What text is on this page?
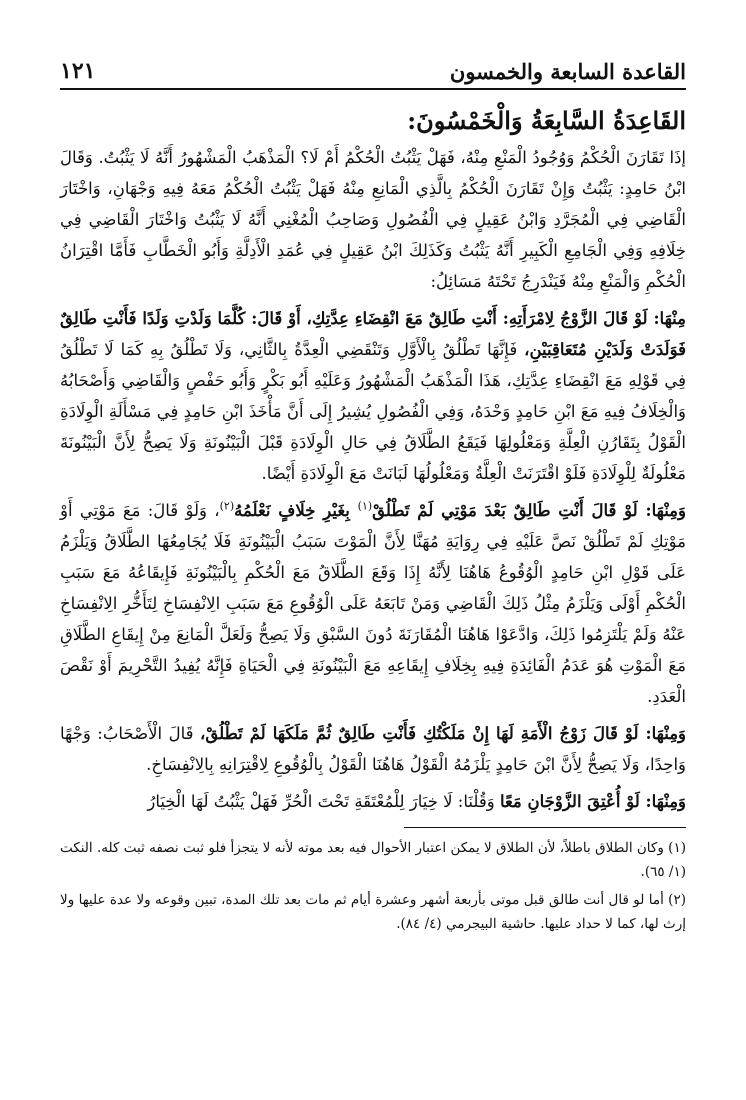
القاعدة السابعة والخمسون
١٢١
القَاعِدَةُ السَّابِعَةُ وَالْخَمْسُونَ:

إذَا تَقَارَنَ الْحُكْمُ وَوُجُودُ الْمَنْعِ مِنْهُ، فَهَلْ يَثْبُتُ الْحُكْمُ أَمْ لَا؟ الْمَذْهَبُ الْمَشْهُورُ أَنَّهُ لَا يَثْبُتُ. وَقَالَ ابْنُ حَامِدٍ: يَثْبُتُ وَإِنْ تَقَارَنَ الْحُكْمُ بِالَّذِي الْمَانِعِ مِنْهُ فَهَلْ يَثْبُتُ الْحُكْمُ مَعَهُ فِيهِ وَجْهَانِ، وَاخْتَارَ الْقَاضِي فِي الْمُجَرَّدِ وَابْنُ عَقِيلٍ فِي الْفُصُولِ وَصَاحِبُ الْمُغْنِي أَنَّهُ لَا يَثْبُتُ وَاخْتَارَ الْقَاضِي فِي خِلَافِهِ وَفِي الْجَامِعِ الْكَبِيرِ أَنَّهُ يَثْبُتُ وَكَذَلِكَ ابْنُ عَقِيلٍ فِي عُمَدِ الْأَدِلَّةِ وَأَبُو الْخَطَّابِ فَأَمَّا اقْتِرَانُ الْحُكْمِ وَالْمَنْعِ مِنْهُ فَيَنْدَرِجُ تَحْتَهُ مَسَائِلُ:

مِنْهَا: لَوْ قَالَ الزَّوْجُ لِامْرَأَتِهِ: أَنْتِ طَالِقٌ مَعَ انْقِضَاءِ عِدَّتِكِ، أَوْ قَالَ: كُلَّمَا وَلَدْتِ وَلَدًا فَأَنْتِ طَالِقٌ فَوَلَدَتْ وَلَدَيْنِ مُتَعَاقِبَيْنِ، فَإِنَّهَا تَطْلُقُ بِالْأَوَّلِ وَتَنْقَضِي الْعِدَّةُ بِالثَّانِي، وَلَا تَطْلُقُ بِهِ كَمَا لَا تَطْلُقُ فِي قَوْلِهِ مَعَ انْقِضَاءِ عِدَّتِكِ، هَذَا الْمَذْهَبُ الْمَشْهُورُ وَعَلَيْهِ أَبُو بَكْرٍ وَأَبُو حَفْصٍ وَالْقَاضِي وَأَصْحَابُهُ وَالْخِلَافُ فِيهِ مَعَ ابْنِ حَامِدٍ وَحْدَهُ، وَفِي الْفُصُولِ يُشِيرُ إِلَى أَنَّ مَأْخَذَ ابْنِ حَامِدٍ فِي مَسْأَلَةِ الْوِلَادَةِ الْقَوْلُ بِتَقَارُنِ الْعِلَّةِ وَمَعْلُولِهَا فَيَقَعُ الطَّلَاقُ فِي حَالِ الْوِلَادَةِ قَبْلَ الْبَيْنُونَةِ وَلَا يَصِحُّ لِأَنَّ الْبَيْنُونَةَ مَعْلُولَةٌ لِلْوِلَادَةِ فَلَوْ اقْتَرَنَتْ الْعِلَّةُ وَمَعْلُولُهَا لَبَانَتْ مَعَ الْوِلَادَةِ أَيْضًا.

وَمِنْهَا: لَوْ قَالَ أَنْتِ طَالِقٌ بَعْدَ مَوْتِي لَمْ تَطْلُقْ$^{(١)}$ بِغَيْرِ خِلَافٍ نَعْلَمُهُ$^{(٢)}$، وَلَوْ قَالَ: مَعَ مَوْتِي أَوْ مَوْتِكِ لَمْ تَطْلُقْ نَصَّ عَلَيْهِ فِي رِوَايَةِ مُهَنَّا لِأَنَّ الْمَوْتَ سَبَبُ الْبَيْنُونَةِ فَلَا يُجَامِعُهَا الطَّلَاقُ وَيَلْزَمُ عَلَى قَوْلِ ابْنِ حَامِدٍ الْوُقُوعُ هَاهُنَا لِأَنَّهُ إِذَا وَقَعَ الطَّلَاقُ مَعَ الْحُكْمِ بِالْبَيْنُونَةِ فَإِيقَاعُهُ مَعَ سَبَبِ الْحُكْمِ أَوْلَى وَيَلْزَمُ مِثْلُ ذَلِكَ الْقَاضِي وَمَنْ تَابَعَهُ عَلَى الْوُقُوعِ مَعَ سَبَبِ الِانْفِسَاخِ لِتَأَخُّرِ الِانْفِسَاخِ عَنْهُ وَلَمْ يَلْتَزِمُوا ذَلِكَ، وَادَّعَوْا هَاهُنَا الْمُقَارَنَةَ دُونَ السَّبْقِ وَلَا يَصِحُّ وَلَعَلَّ الْمَانِعَ مِنْ إِيقَاعِ الطَّلَاقِ مَعَ الْمَوْتِ هُوَ عَدَمُ الْفَائِدَةِ فِيهِ بِخِلَافِ إِيقَاعِهِ مَعَ الْبَيْنُونَةِ فِي الْحَيَاةِ فَإِنَّهُ يُفِيدُ التَّحْرِيمَ أَوْ نَقْصَ الْعَدَدِ.

وَمِنْهَا: لَوْ قَالَ زَوْجُ الْأَمَةِ لَهَا إِنْ مَلَكْتُكِ فَأَنْتِ طَالِقٌ ثُمَّ مَلَكَهَا لَمْ تَطْلُقْ، قَالَ الْأَصْحَابُ: وَجْهًا وَاحِدًا، وَلَا يَصِحُّ لِأَنَّ ابْنَ حَامِدٍ يَلْزَمُهُ الْقَوْلُ هَاهُنَا الْقَوْلُ بِالْوُقُوعِ لِاقْتِرَانِهِ بِالِانْفِسَاخِ.

وَمِنْهَا: لَوْ أُعْتِقَ الزَّوْجَانِ مَعًا وَقُلْنَا: لَا خِيَارَ لِلْمُعْتَقَةِ تَحْتَ الْحُرِّ فَهَلْ يَثْبُتُ لَهَا الْخِيَارُ

(١) وكان الطلاق باطلاً، لأن الطلاق لا يمكن اعتبار الأحوال فيه بعد موته لأنه لا يتجزأ فلو ثبت نصفه ثبت كله. النكت (١/ ٦٥).

(٢) أما لو قال أنت طالق قبل موتى بأربعة أشهر وعشرة أيام ثم مات بعد تلك المدة، تبين وقوعه ولا عدة عليها ولا إرث لها، كما لا حداد عليها. حاشية البيجرمي (٤/ ٨٤).
